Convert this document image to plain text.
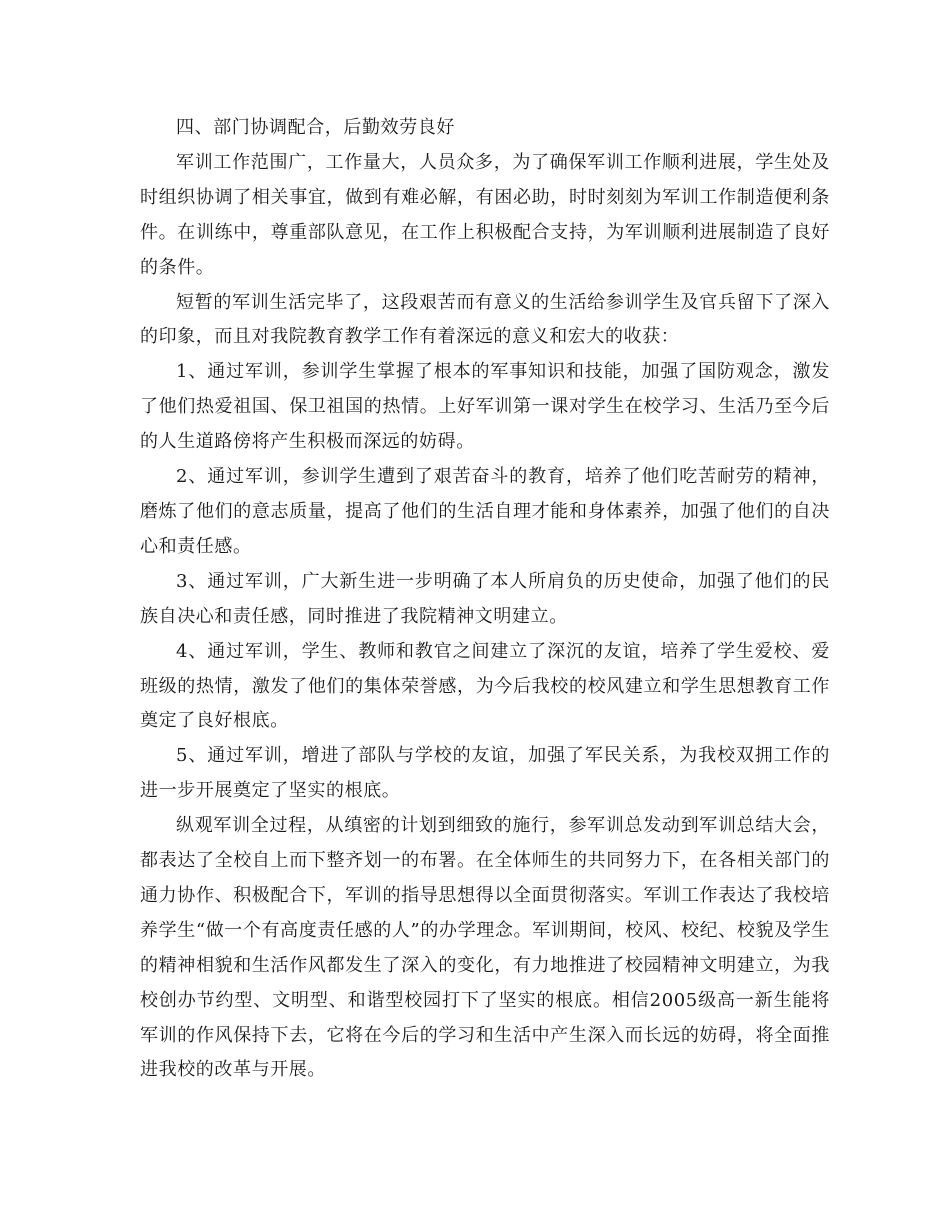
四、部门协调配合，后勤效劳良好

军训工作范围广，工作量大，人员众多，为了确保军训工作顺利进展，学生处及时组织协调了相关事宜，做到有难必解，有困必助，时时刻刻为军训工作制造便利条件。在训练中，尊重部队意见，在工作上积极配合支持，为军训顺利进展制造了良好的条件。

短暂的军训生活完毕了，这段艰苦而有意义的生活给参训学生及官兵留下了深入的印象，而且对我院教育教学工作有着深远的意义和宏大的收获：

1、通过军训，参训学生掌握了根本的军事知识和技能，加强了国防观念，激发了他们热爱祖国、保卫祖国的热情。上好军训第一课对学生在校学习、生活乃至今后的人生道路傍将产生积极而深远的妨碍。

2、通过军训，参训学生遭到了艰苦奋斗的教育，培养了他们吃苦耐劳的精神，磨炼了他们的意志质量，提高了他们的生活自理才能和身体素养，加强了他们的自决心和责任感。

3、通过军训，广大新生进一步明确了本人所肩负的历史使命，加强了他们的民族自决心和责任感，同时推进了我院精神文明建立。

4、通过军训，学生、教师和教官之间建立了深沉的友谊，培养了学生爱校、爱班级的热情，激发了他们的集体荣誉感，为今后我校的校风建立和学生思想教育工作奠定了良好根底。

5、通过军训，增进了部队与学校的友谊，加强了军民关系，为我校双拥工作的进一步开展奠定了坚实的根底。

纵观军训全过程，从缜密的计划到细致的施行，参军训总发动到军训总结大会，都表达了全校自上而下整齐划一的布署。在全体师生的共同努力下，在各相关部门的通力协作、积极配合下，军训的指导思想得以全面贯彻落实。军训工作表达了我校培养学生“做一个有高度责任感的人”的办学理念。军训期间，校风、校纪、校貌及学生的精神相貌和生活作风都发生了深入的变化，有力地推进了校园精神文明建立，为我校创办节约型、文明型、和谐型校园打下了坚实的根底。相信2005级高一新生能将军训的作风保持下去，它将在今后的学习和生活中产生深入而长远的妨碍，将全面推进我校的改革与开展。
